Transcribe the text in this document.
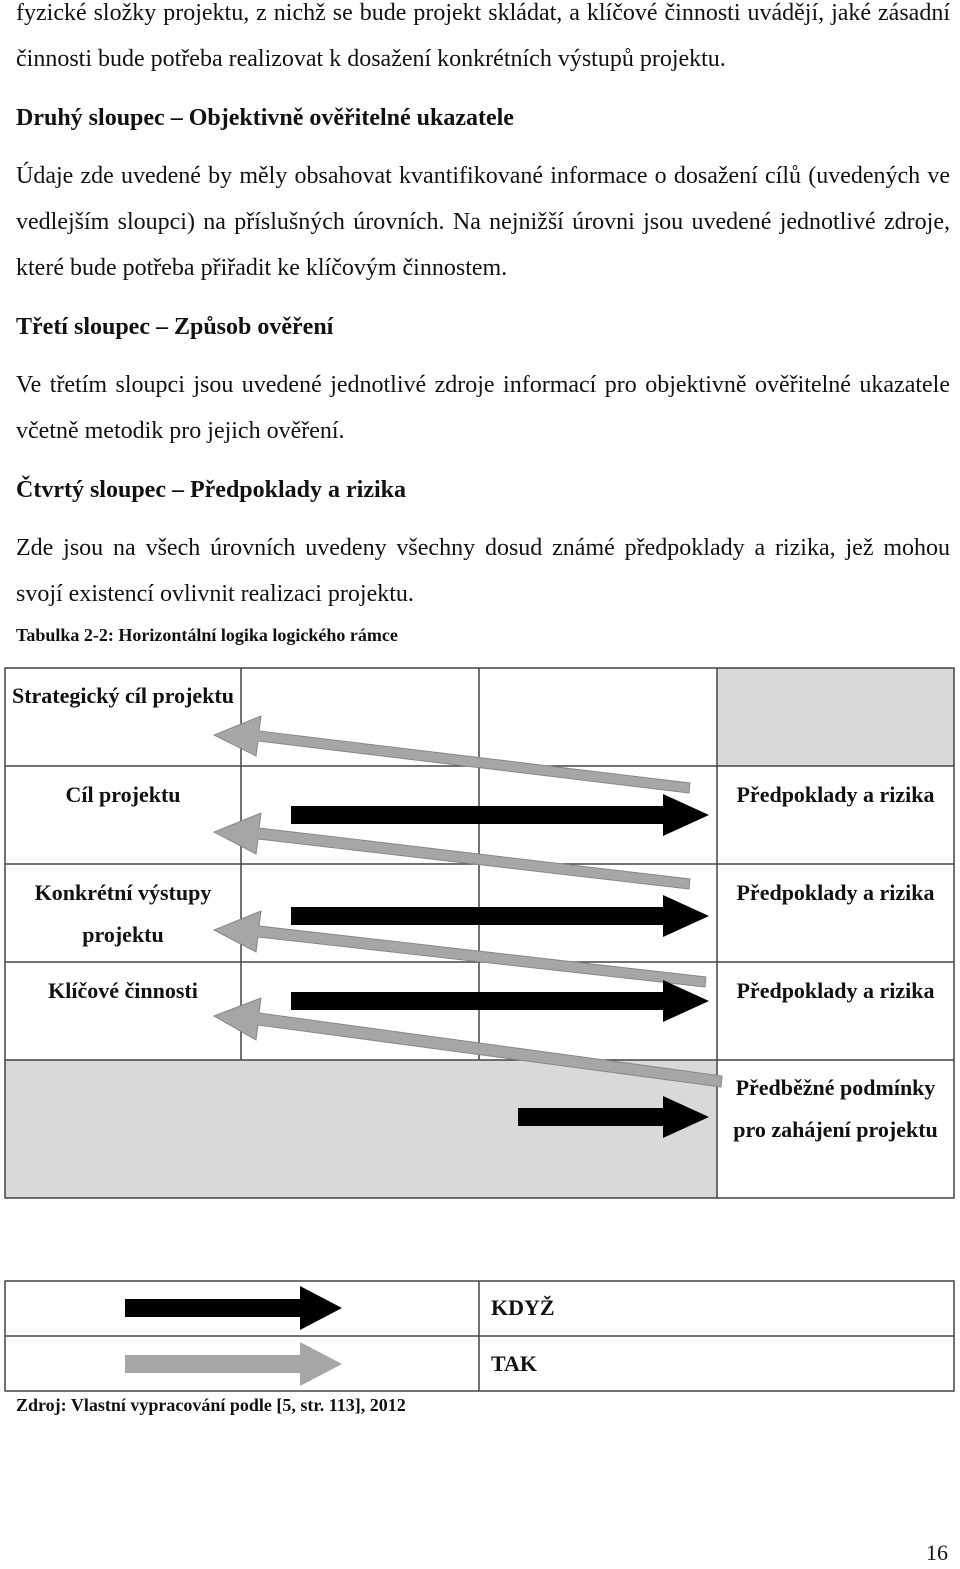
fyzické složky projektu, z nichž se bude projekt skládat, a klíčové činnosti uvádějí, jaké zásadní činnosti bude potřeba realizovat k dosažení konkrétních výstupů projektu.

Druhý sloupec – Objektivně ověřitelné ukazatele

Údaje zde uvedené by měly obsahovat kvantifikované informace o dosažení cílů (uvedených ve vedlejším sloupci) na příslušných úrovních. Na nejnižší úrovni jsou uvedené jednotlivé zdroje, které bude potřeba přiřadit ke klíčovým činnostem.

Třetí sloupec – Způsob ověření

Ve třetím sloupci jsou uvedené jednotlivé zdroje informací pro objektivně ověřitelné ukazatele včetně metodik pro jejich ověření.

Čtvrtý sloupec – Předpoklady a rizika

Zde jsou na všech úrovních uvedeny všechny dosud známé předpoklady a rizika, jež mohou svojí existencí ovlivnit realizaci projektu.

Tabulka 2-2: Horizontální logika logického rámce

Strategický cíl projektu
Cíl projektu
Konkrétní výstupy projektu
Klíčové činnosti
Předpoklady a rizika
Předpoklady a rizika
Předpoklady a rizika
Předběžné podmínky pro zahájení projektu
KDYŽ
TAK

Zdroj: Vlastní vypracování podle [5, str. 113], 2012

16
